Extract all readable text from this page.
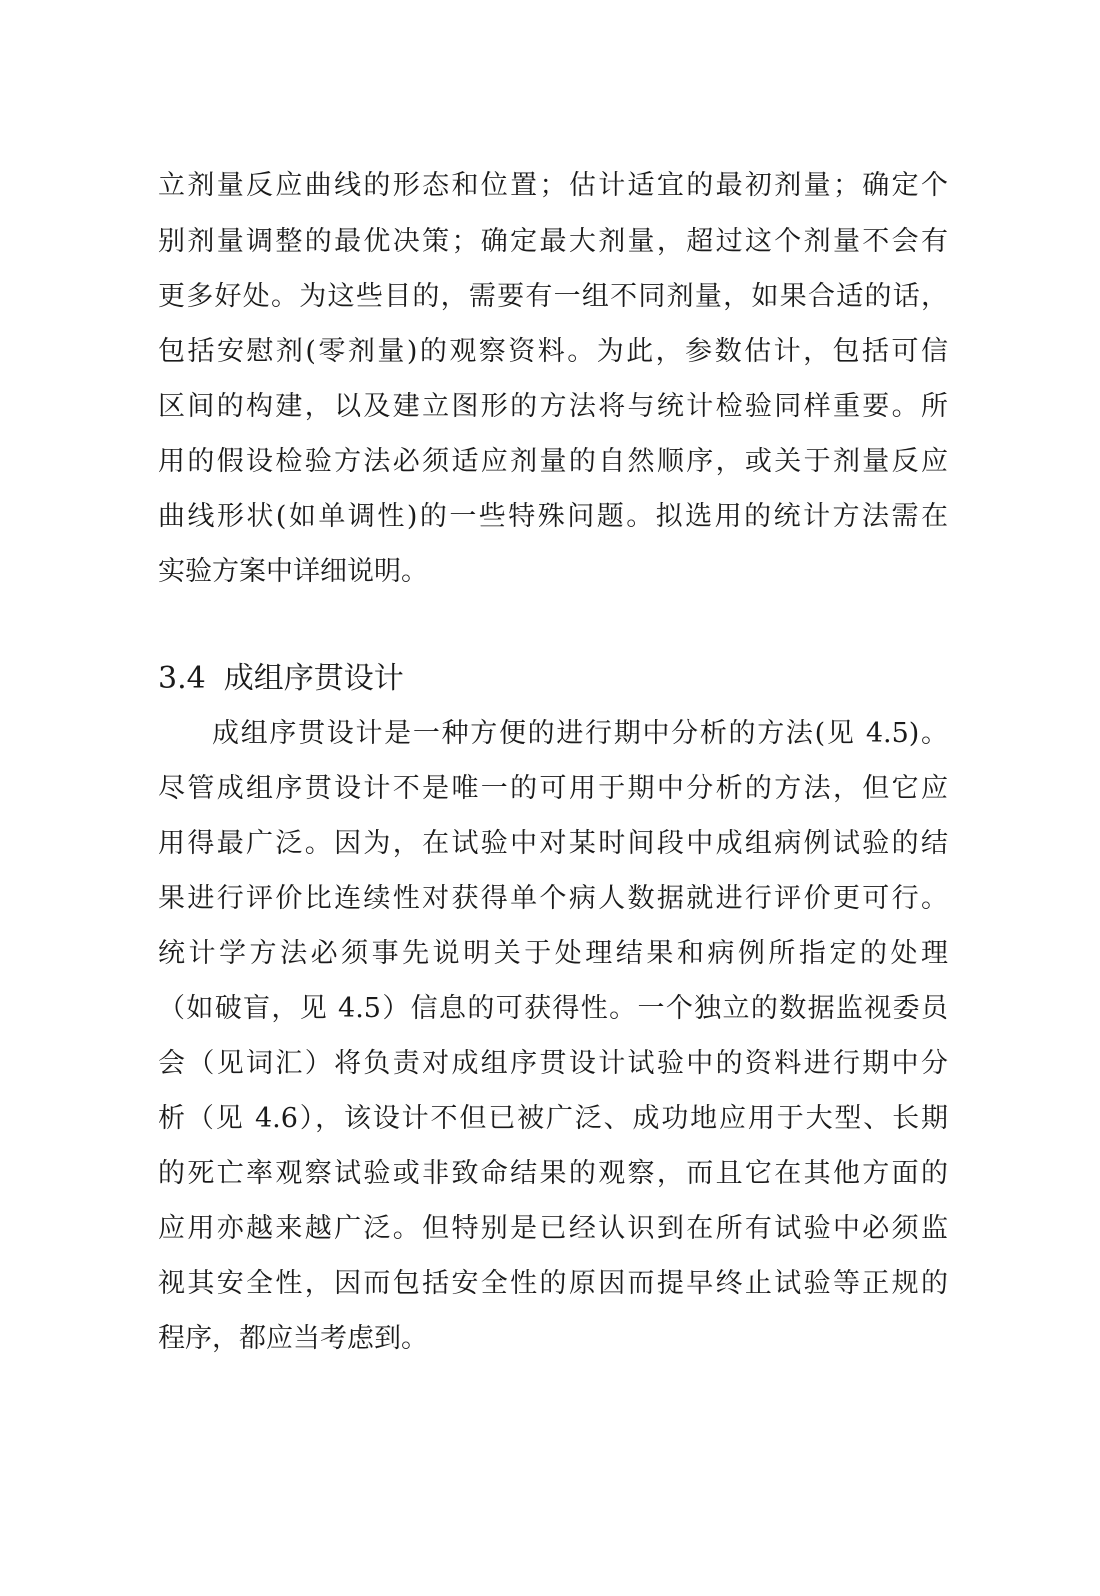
立剂量反应曲线的形态和位置；估计适宜的最初剂量；确定个
别剂量调整的最优决策；确定最大剂量，超过这个剂量不会有
更多好处。为这些目的，需要有一组不同剂量，如果合适的话，
包括安慰剂(零剂量)的观察资料。为此，参数估计，包括可信
区间的构建，以及建立图形的方法将与统计检验同样重要。所
用的假设检验方法必须适应剂量的自然顺序，或关于剂量反应
曲线形状(如单调性)的一些特殊问题。拟选用的统计方法需在
实验方案中详细说明。
3.4 成组序贯设计
成组序贯设计是一种方便的进行期中分析的方法(见 4.5)。
尽管成组序贯设计不是唯一的可用于期中分析的方法，但它应
用得最广泛。因为，在试验中对某时间段中成组病例试验的结
果进行评价比连续性对获得单个病人数据就进行评价更可行。
统计学方法必须事先说明关于处理结果和病例所指定的处理
（如破盲，见 4.5）信息的可获得性。一个独立的数据监视委员
会（见词汇）将负责对成组序贯设计试验中的资料进行期中分
析（见 4.6），该设计不但已被广泛、成功地应用于大型、长期
的死亡率观察试验或非致命结果的观察，而且它在其他方面的
应用亦越来越广泛。但特别是已经认识到在所有试验中必须监
视其安全性，因而包括安全性的原因而提早终止试验等正规的
程序，都应当考虑到。
